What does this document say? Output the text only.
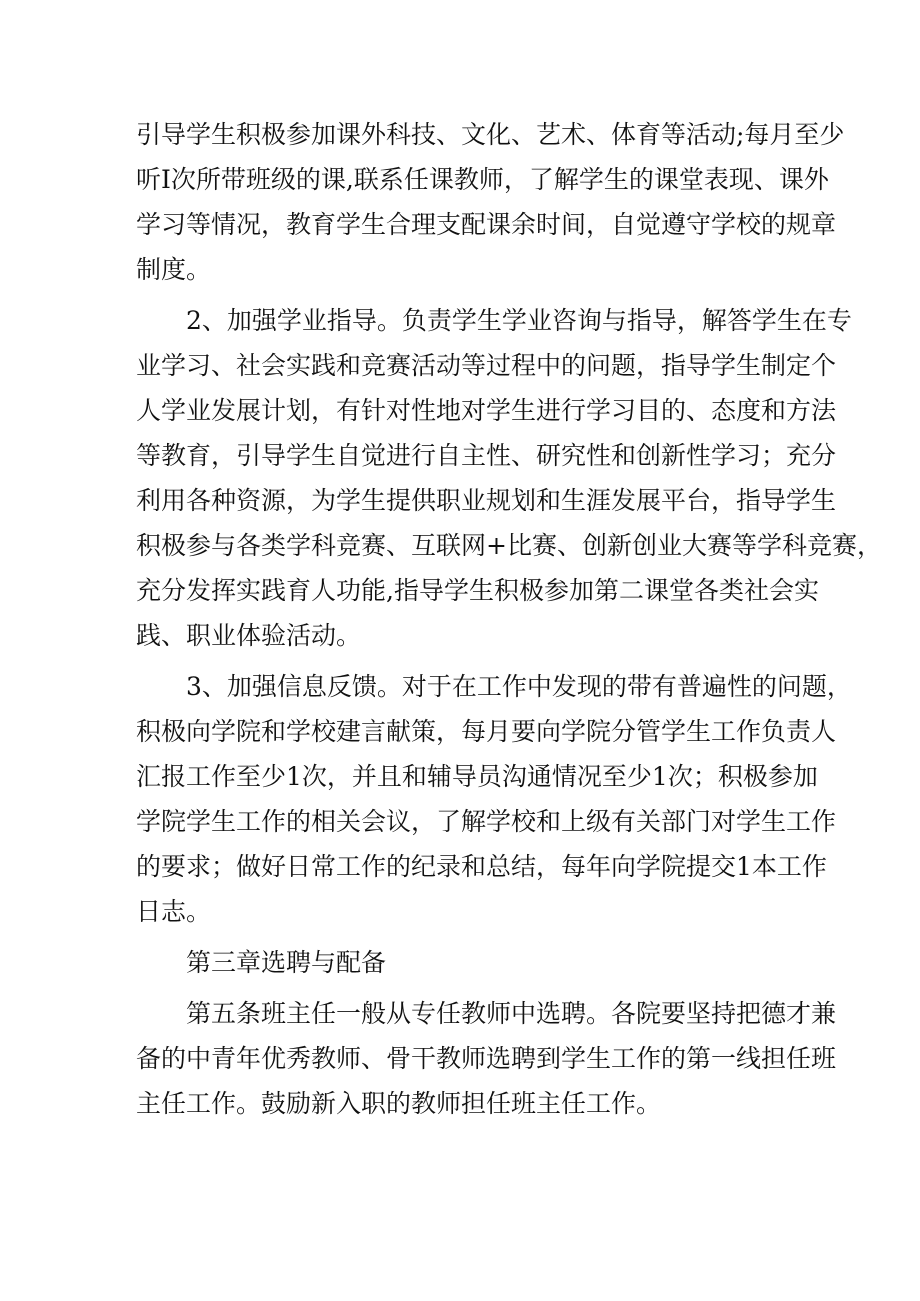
引导学生积极参加课外科技、文化、艺术、体育等活动;每月至少
听Ⅰ次所带班级的课,联系任课教师，了解学生的课堂表现、课外
学习等情况，教育学生合理支配课余时间，自觉遵守学校的规章
制度。
2、加强学业指导。负责学生学业咨询与指导，解答学生在专
业学习、社会实践和竞赛活动等过程中的问题，指导学生制定个
人学业发展计划，有针对性地对学生进行学习目的、态度和方法
等教育，引导学生自觉进行自主性、研究性和创新性学习；充分
利用各种资源，为学生提供职业规划和生涯发展平台，指导学生
积极参与各类学科竞赛、互联网+比赛、创新创业大赛等学科竞赛，
充分发挥实践育人功能,指导学生积极参加第二课堂各类社会实
践、职业体验活动。
3、加强信息反馈。对于在工作中发现的带有普遍性的问题，
积极向学院和学校建言献策，每月要向学院分管学生工作负责人
汇报工作至少1次，并且和辅导员沟通情况至少1次；积极参加
学院学生工作的相关会议，了解学校和上级有关部门对学生工作
的要求；做好日常工作的纪录和总结，每年向学院提交1本工作
日志。
第三章选聘与配备
第五条班主任一般从专任教师中选聘。各院要坚持把德才兼
备的中青年优秀教师、骨干教师选聘到学生工作的第一线担任班
主任工作。鼓励新入职的教师担任班主任工作。
